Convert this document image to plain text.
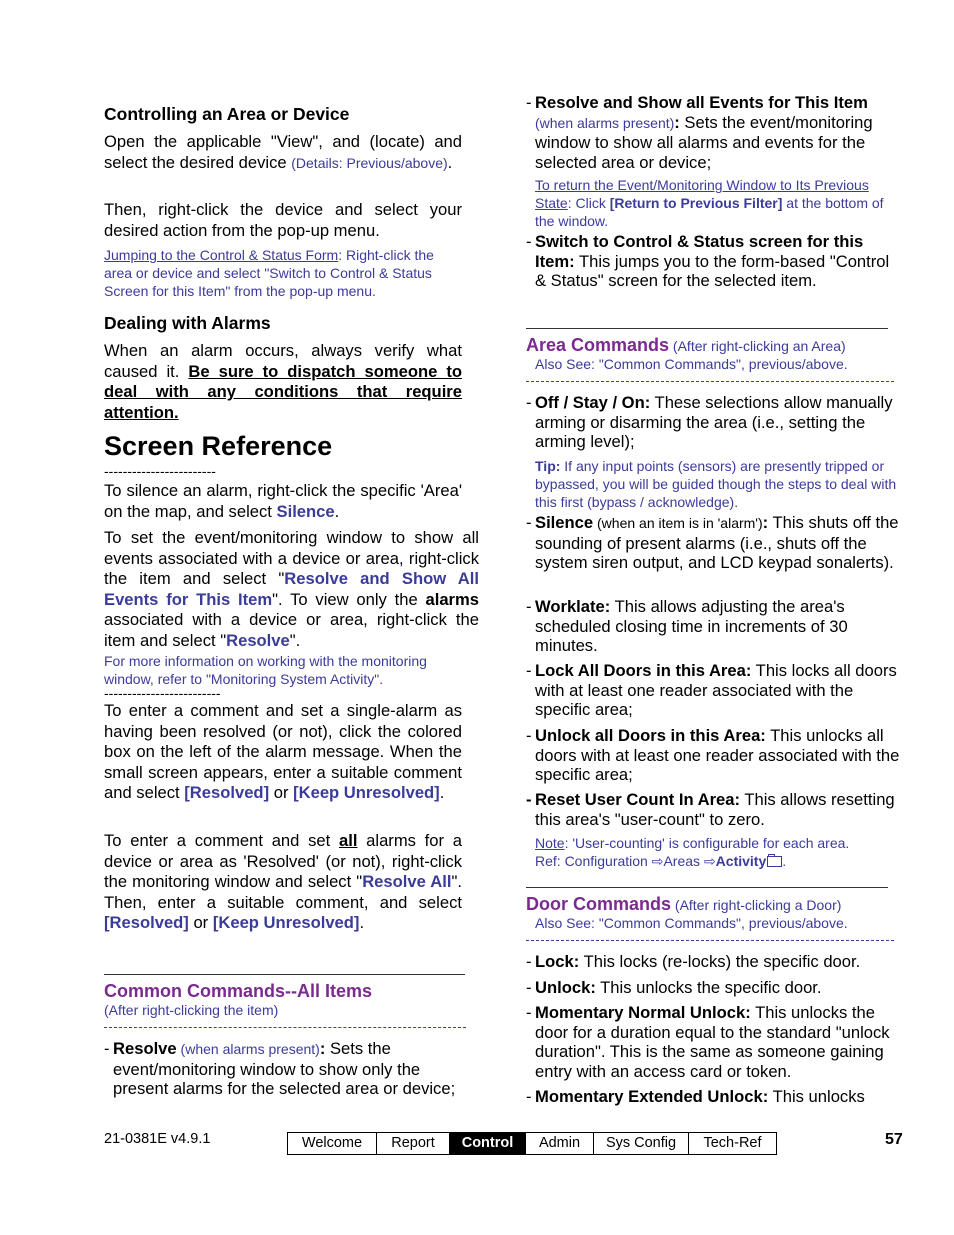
Controlling an Area or Device
Open the applicable "View", and (locate) and select the desired device (Details: Previous/above).
Then, right-click the device and select your desired action from the pop-up menu.
Jumping to the Control & Status Form: Right-click the area or device and select "Switch to Control & Status Screen for this Item" from the pop-up menu.
Dealing with Alarms
When an alarm occurs, always verify what caused it. Be sure to dispatch someone to deal with any conditions that require attention.
Screen Reference
------------------------
To silence an alarm, right-click the specific 'Area' on the map, and select Silence.
To set the event/monitoring window to show all events associated with a device or area, right-click the item and select "Resolve and Show All Events for This Item". To view only the alarms associated with a device or area, right-click the item and select "Resolve".
For more information on working with the monitoring window, refer to "Monitoring System Activity".
-------------------------
To enter a comment and set a single-alarm as having been resolved (or not), click the colored box on the left of the alarm message. When the small screen appears, enter a suitable comment and select [Resolved] or [Keep Unresolved].
To enter a comment and set all alarms for a device or area as 'Resolved' (or not), right-click the monitoring window and select "Resolve All". Then, enter a suitable comment, and select [Resolved] or [Keep Unresolved].
Common Commands--All Items
(After right-clicking the item)
- Resolve (when alarms present): Sets the event/monitoring window to show only the present alarms for the selected area or device;
- Resolve and Show all Events for This Item
(when alarms present): Sets the event/monitoring window to show all alarms and events for the selected area or device;
To return the Event/Monitoring Window to Its Previous State: Click [Return to Previous Filter] at the bottom of the window.
- Switch to Control & Status screen for this Item: This jumps you to the form-based "Control & Status" screen for the selected item.
Area Commands (After right-clicking an Area)
Also See: "Common Commands", previous/above.
- Off / Stay / On: These selections allow manually arming or disarming the area (i.e., setting the arming level);
Tip: If any input points (sensors) are presently tripped or bypassed, you will be guided though the steps to deal with this first (bypass / acknowledge).
- Silence (when an item is in 'alarm'): This shuts off the sounding of present alarms (i.e., shuts off the system siren output, and LCD keypad sonalerts).
- Worklate: This allows adjusting the area's scheduled closing time in increments of 30 minutes.
- Lock All Doors in this Area: This locks all doors with at least one reader associated with the specific area;
- Unlock all Doors in this Area: This unlocks all doors with at least one reader associated with the specific area;
- Reset User Count In Area: This allows resetting this area's "user-count" to zero.
Note: 'User-counting' is configurable for each area.
Ref: Configuration ⇨Areas ⇨Activity .
Door Commands (After right-clicking a Door)
Also See: "Common Commands", previous/above.
- Lock: This locks (re-locks) the specific door.
- Unlock: This unlocks the specific door.
- Momentary Normal Unlock: This unlocks the door for a duration equal to the standard "unlock duration". This is the same as someone gaining entry with an access card or token.
- Momentary Extended Unlock: This unlocks
21-0381E v4.9.1	Welcome	Report	Control	Admin	Sys Config	Tech-Ref	57
